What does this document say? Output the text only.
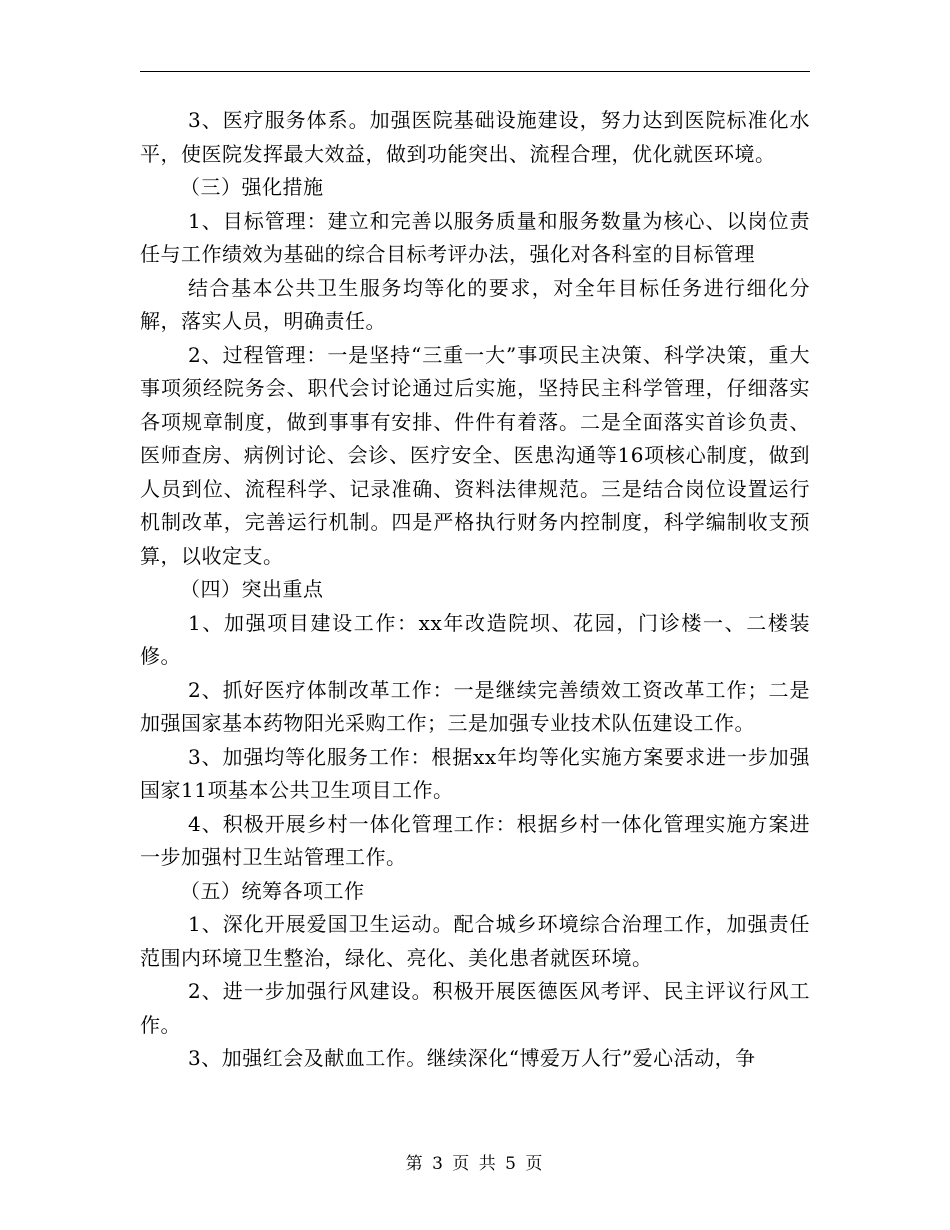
3、医疗服务体系。加强医院基础设施建设，努力达到医院标准化水平，使医院发挥最大效益，做到功能突出、流程合理，优化就医环境。

（三）强化措施

1、目标管理：建立和完善以服务质量和服务数量为核心、以岗位责任与工作绩效为基础的综合目标考评办法，强化对各科室的目标管理

结合基本公共卫生服务均等化的要求，对全年目标任务进行细化分解，落实人员，明确责任。

2、过程管理：一是坚持“三重一大”事项民主决策、科学决策，重大事项须经院务会、职代会讨论通过后实施，坚持民主科学管理，仔细落实各项规章制度，做到事事有安排、件件有着落。二是全面落实首诊负责、医师查房、病例讨论、会诊、医疗安全、医患沟通等16项核心制度，做到人员到位、流程科学、记录准确、资料法律规范。三是结合岗位设置运行机制改革，完善运行机制。四是严格执行财务内控制度，科学编制收支预算，以收定支。

（四）突出重点

1、加强项目建设工作：xx年改造院坝、花园，门诊楼一、二楼装修。

2、抓好医疗体制改革工作：一是继续完善绩效工资改革工作；二是加强国家基本药物阳光采购工作；三是加强专业技术队伍建设工作。

3、加强均等化服务工作：根据xx年均等化实施方案要求进一步加强国家11项基本公共卫生项目工作。

4、积极开展乡村一体化管理工作：根据乡村一体化管理实施方案进一步加强村卫生站管理工作。

（五）统筹各项工作

1、深化开展爱国卫生运动。配合城乡环境综合治理工作，加强责任范围内环境卫生整治，绿化、亮化、美化患者就医环境。

2、进一步加强行风建设。积极开展医德医风考评、民主评议行风工作。

3、加强红会及献血工作。继续深化“博爱万人行”爱心活动，争

第 3 页 共 5 页
